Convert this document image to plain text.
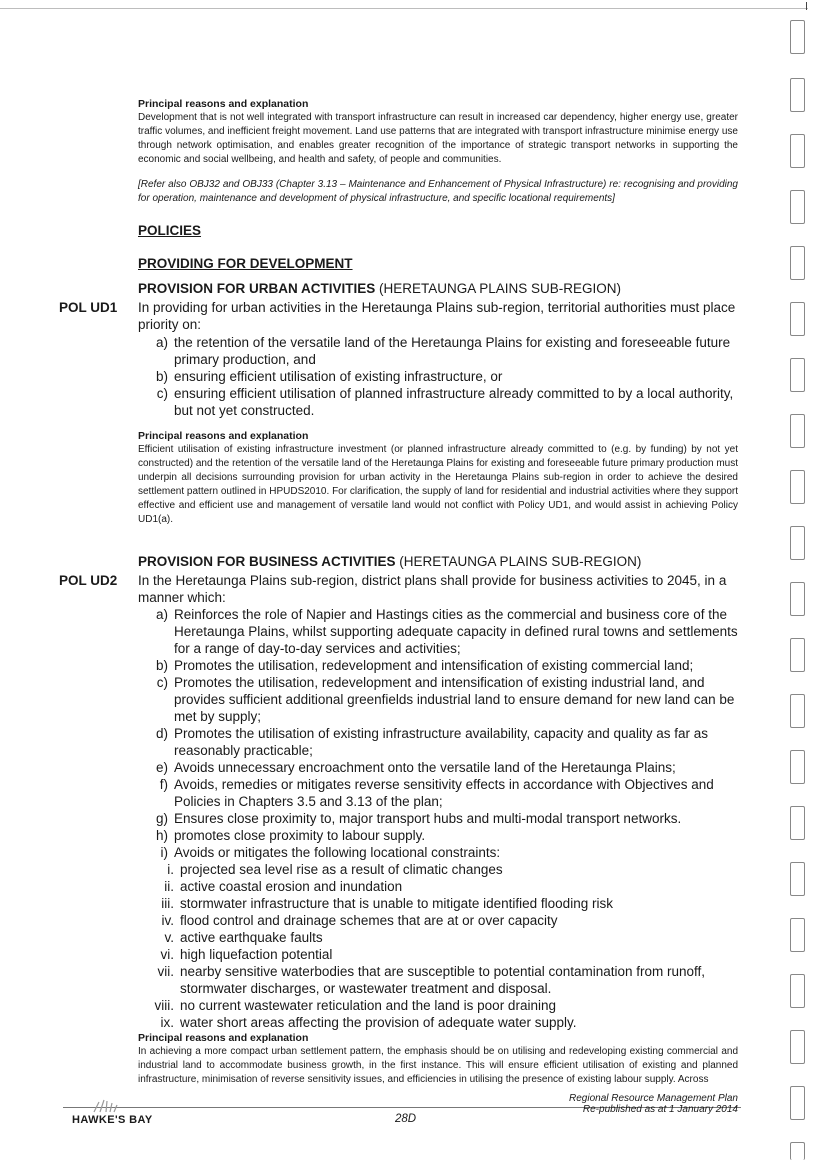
Principal reasons and explanation
Development that is not well integrated with transport infrastructure can result in increased car dependency, higher energy use, greater traffic volumes, and inefficient freight movement. Land use patterns that are integrated with transport infrastructure minimise energy use through network optimisation, and enables greater recognition of the importance of strategic transport networks in supporting the economic and social wellbeing, and health and safety, of people and communities.
[Refer also OBJ32 and OBJ33 (Chapter 3.13 – Maintenance and Enhancement of Physical Infrastructure) re: recognising and providing for operation, maintenance and development of physical infrastructure, and specific locational requirements]
POLICIES
PROVIDING FOR DEVELOPMENT
PROVISION FOR URBAN ACTIVITIES (HERETAUNGA PLAINS SUB-REGION)
POL UD1 In providing for urban activities in the Heretaunga Plains sub-region, territorial authorities must place priority on:
a) the retention of the versatile land of the Heretaunga Plains for existing and foreseeable future primary production, and
b) ensuring efficient utilisation of existing infrastructure, or
c) ensuring efficient utilisation of planned infrastructure already committed to by a local authority, but not yet constructed.
Principal reasons and explanation
Efficient utilisation of existing infrastructure investment (or planned infrastructure already committed to (e.g. by funding) by not yet constructed) and the retention of the versatile land of the Heretaunga Plains for existing and foreseeable future primary production must underpin all decisions surrounding provision for urban activity in the Heretaunga Plains sub-region in order to achieve the desired settlement pattern outlined in HPUDS2010. For clarification, the supply of land for residential and industrial activities where they support effective and efficient use and management of versatile land would not conflict with Policy UD1, and would assist in achieving Policy UD1(a).
PROVISION FOR BUSINESS ACTIVITIES (HERETAUNGA PLAINS SUB-REGION)
POL UD2 In the Heretaunga Plains sub-region, district plans shall provide for business activities to 2045, in a manner which:
a) Reinforces the role of Napier and Hastings cities as the commercial and business core of the Heretaunga Plains, whilst supporting adequate capacity in defined rural towns and settlements for a range of day-to-day services and activities;
b) Promotes the utilisation, redevelopment and intensification of existing commercial land;
c) Promotes the utilisation, redevelopment and intensification of existing industrial land, and provides sufficient additional greenfields industrial land to ensure demand for new land can be met by supply;
d) Promotes the utilisation of existing infrastructure availability, capacity and quality as far as reasonably practicable;
e) Avoids unnecessary encroachment onto the versatile land of the Heretaunga Plains;
f) Avoids, remedies or mitigates reverse sensitivity effects in accordance with Objectives and Policies in Chapters 3.5 and 3.13 of the plan;
g) Ensures close proximity to, major transport hubs and multi-modal transport networks.
h) promotes close proximity to labour supply.
i) Avoids or mitigates the following locational constraints:
i. projected sea level rise as a result of climatic changes
ii. active coastal erosion and inundation
iii. stormwater infrastructure that is unable to mitigate identified flooding risk
iv. flood control and drainage schemes that are at or over capacity
v. active earthquake faults
vi. high liquefaction potential
vii. nearby sensitive waterbodies that are susceptible to potential contamination from runoff, stormwater discharges, or wastewater treatment and disposal.
viii. no current wastewater reticulation and the land is poor draining
ix. water short areas affecting the provision of adequate water supply.
Principal reasons and explanation
In achieving a more compact urban settlement pattern, the emphasis should be on utilising and redeveloping existing commercial and industrial land to accommodate business growth, in the first instance. This will ensure efficient utilisation of existing and planned infrastructure, minimisation of reverse sensitivity issues, and efficiencies in utilising the presence of existing labour supply. Across
HAWKE'S BAY	28D
Regional Resource Management Plan
Re-published as at 1 January 2014
